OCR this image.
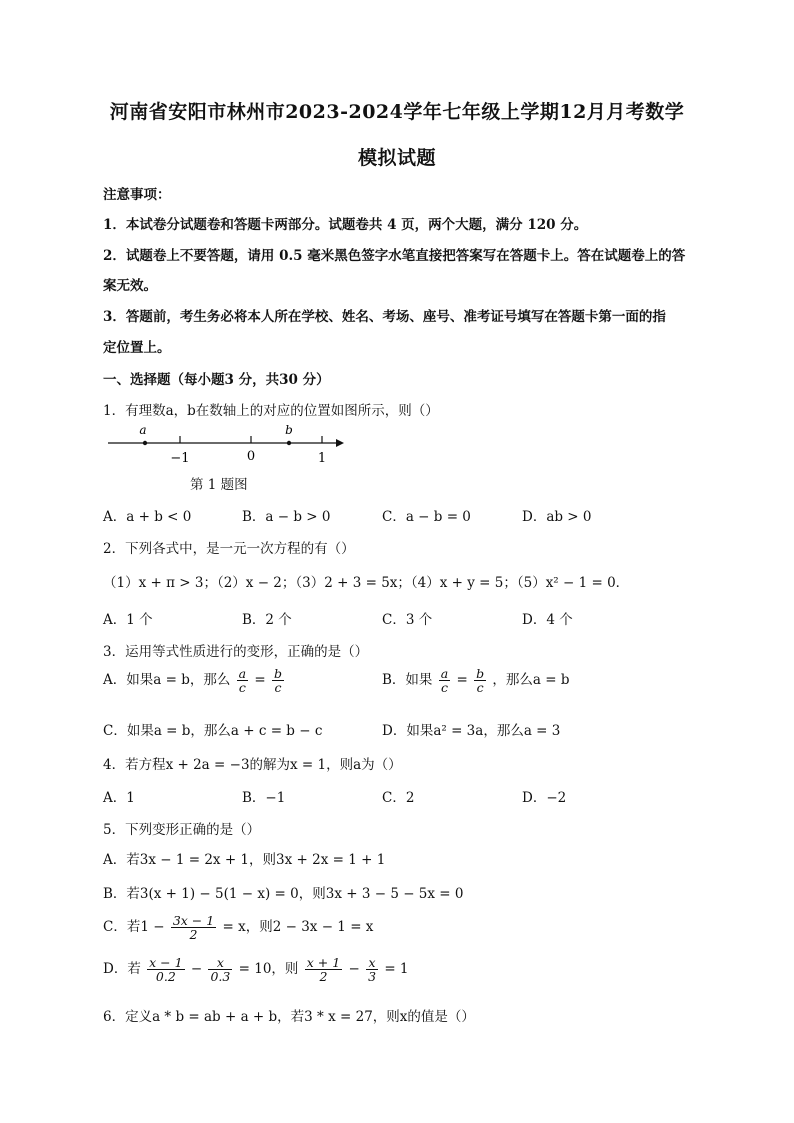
河南省安阳市林州市2023-2024学年七年级上学期12月月考数学
模拟试题
注意事项：
1．本试卷分试题卷和答题卡两部分。试题卷共 4 页，两个大题，满分 120 分。
2．试题卷上不要答题，请用 0.5 毫米黑色签字水笔直接把答案写在答题卡上。答在试题卷上的答
案无效。
3．答题前，考生务必将本人所在学校、姓名、考场、座号、准考证号填写在答题卡第一面的指
定位置上。
一、选择题（每小题3 分，共30 分）
1．有理数a，b在数轴上的对应的位置如图所示，则（）
a	b
−1	0	1
第 1 题图
A．a + b < 0	B．a − b > 0	C．a − b = 0	D．ab > 0
2．下列各式中，是一元一次方程的有（）
（1）x + π > 3；（2）x − 2；（3）2 + 3 = 5x；（4）x + y = 5；（5）x² − 1 = 0．
A．1 个	B．2 个	C．3 个	D．4 个
3．运用等式性质进行的变形，正确的是（）
A．如果a = b，那么 $\frac{a}{c} = \frac{b}{c}$	B．如果 $\frac{a}{c} = \frac{b}{c}$ ，那么a = b
C．如果a = b，那么a + c = b − c	D．如果a² = 3a，那么a = 3
4．若方程x + 2a = −3的解为x = 1，则a为（）
A．1	B．−1	C．2	D．−2
5．下列变形正确的是（）
A．若3x − 1 = 2x + 1，则3x + 2x = 1 + 1
B．若3(x + 1) − 5(1 − x) = 0，则3x + 3 − 5 − 5x = 0
C．若$1 - \frac{3x - 1}{2} = x$，则2 − 3x − 1 = x
D．若 $\frac{x - 1}{0.2} - \frac{x}{0.3} = 10$，则 $\frac{x + 1}{2} - \frac{x}{3} = 1$
6．定义a * b = ab + a + b，若3 * x = 27，则x的值是（）
